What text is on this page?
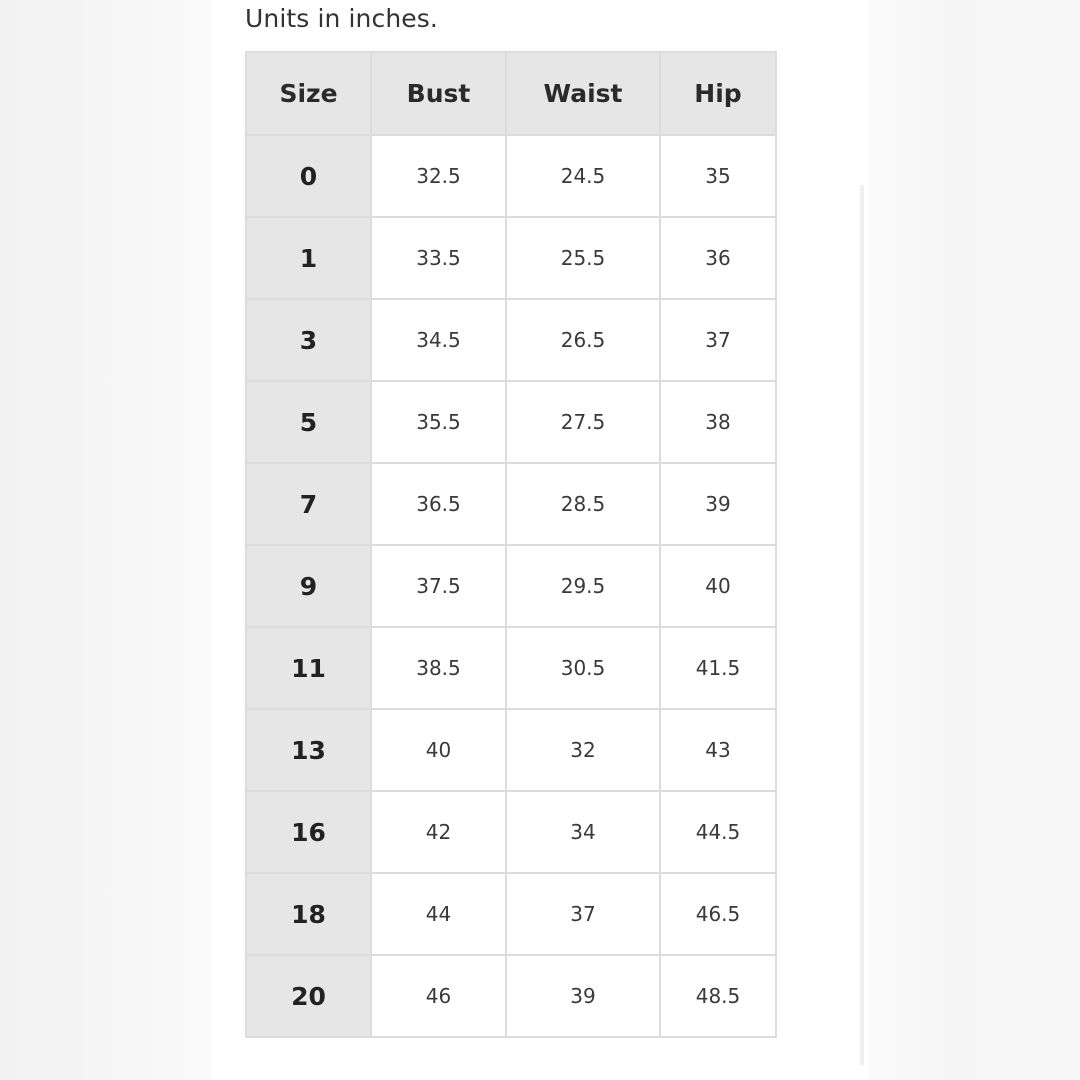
Units in inches.
Size	Bust	Waist	Hip
0	32.5	24.5	35
1	33.5	25.5	36
3	34.5	26.5	37
5	35.5	27.5	38
7	36.5	28.5	39
9	37.5	29.5	40
11	38.5	30.5	41.5
13	40	32	43
16	42	34	44.5
18	44	37	46.5
20	46	39	48.5
